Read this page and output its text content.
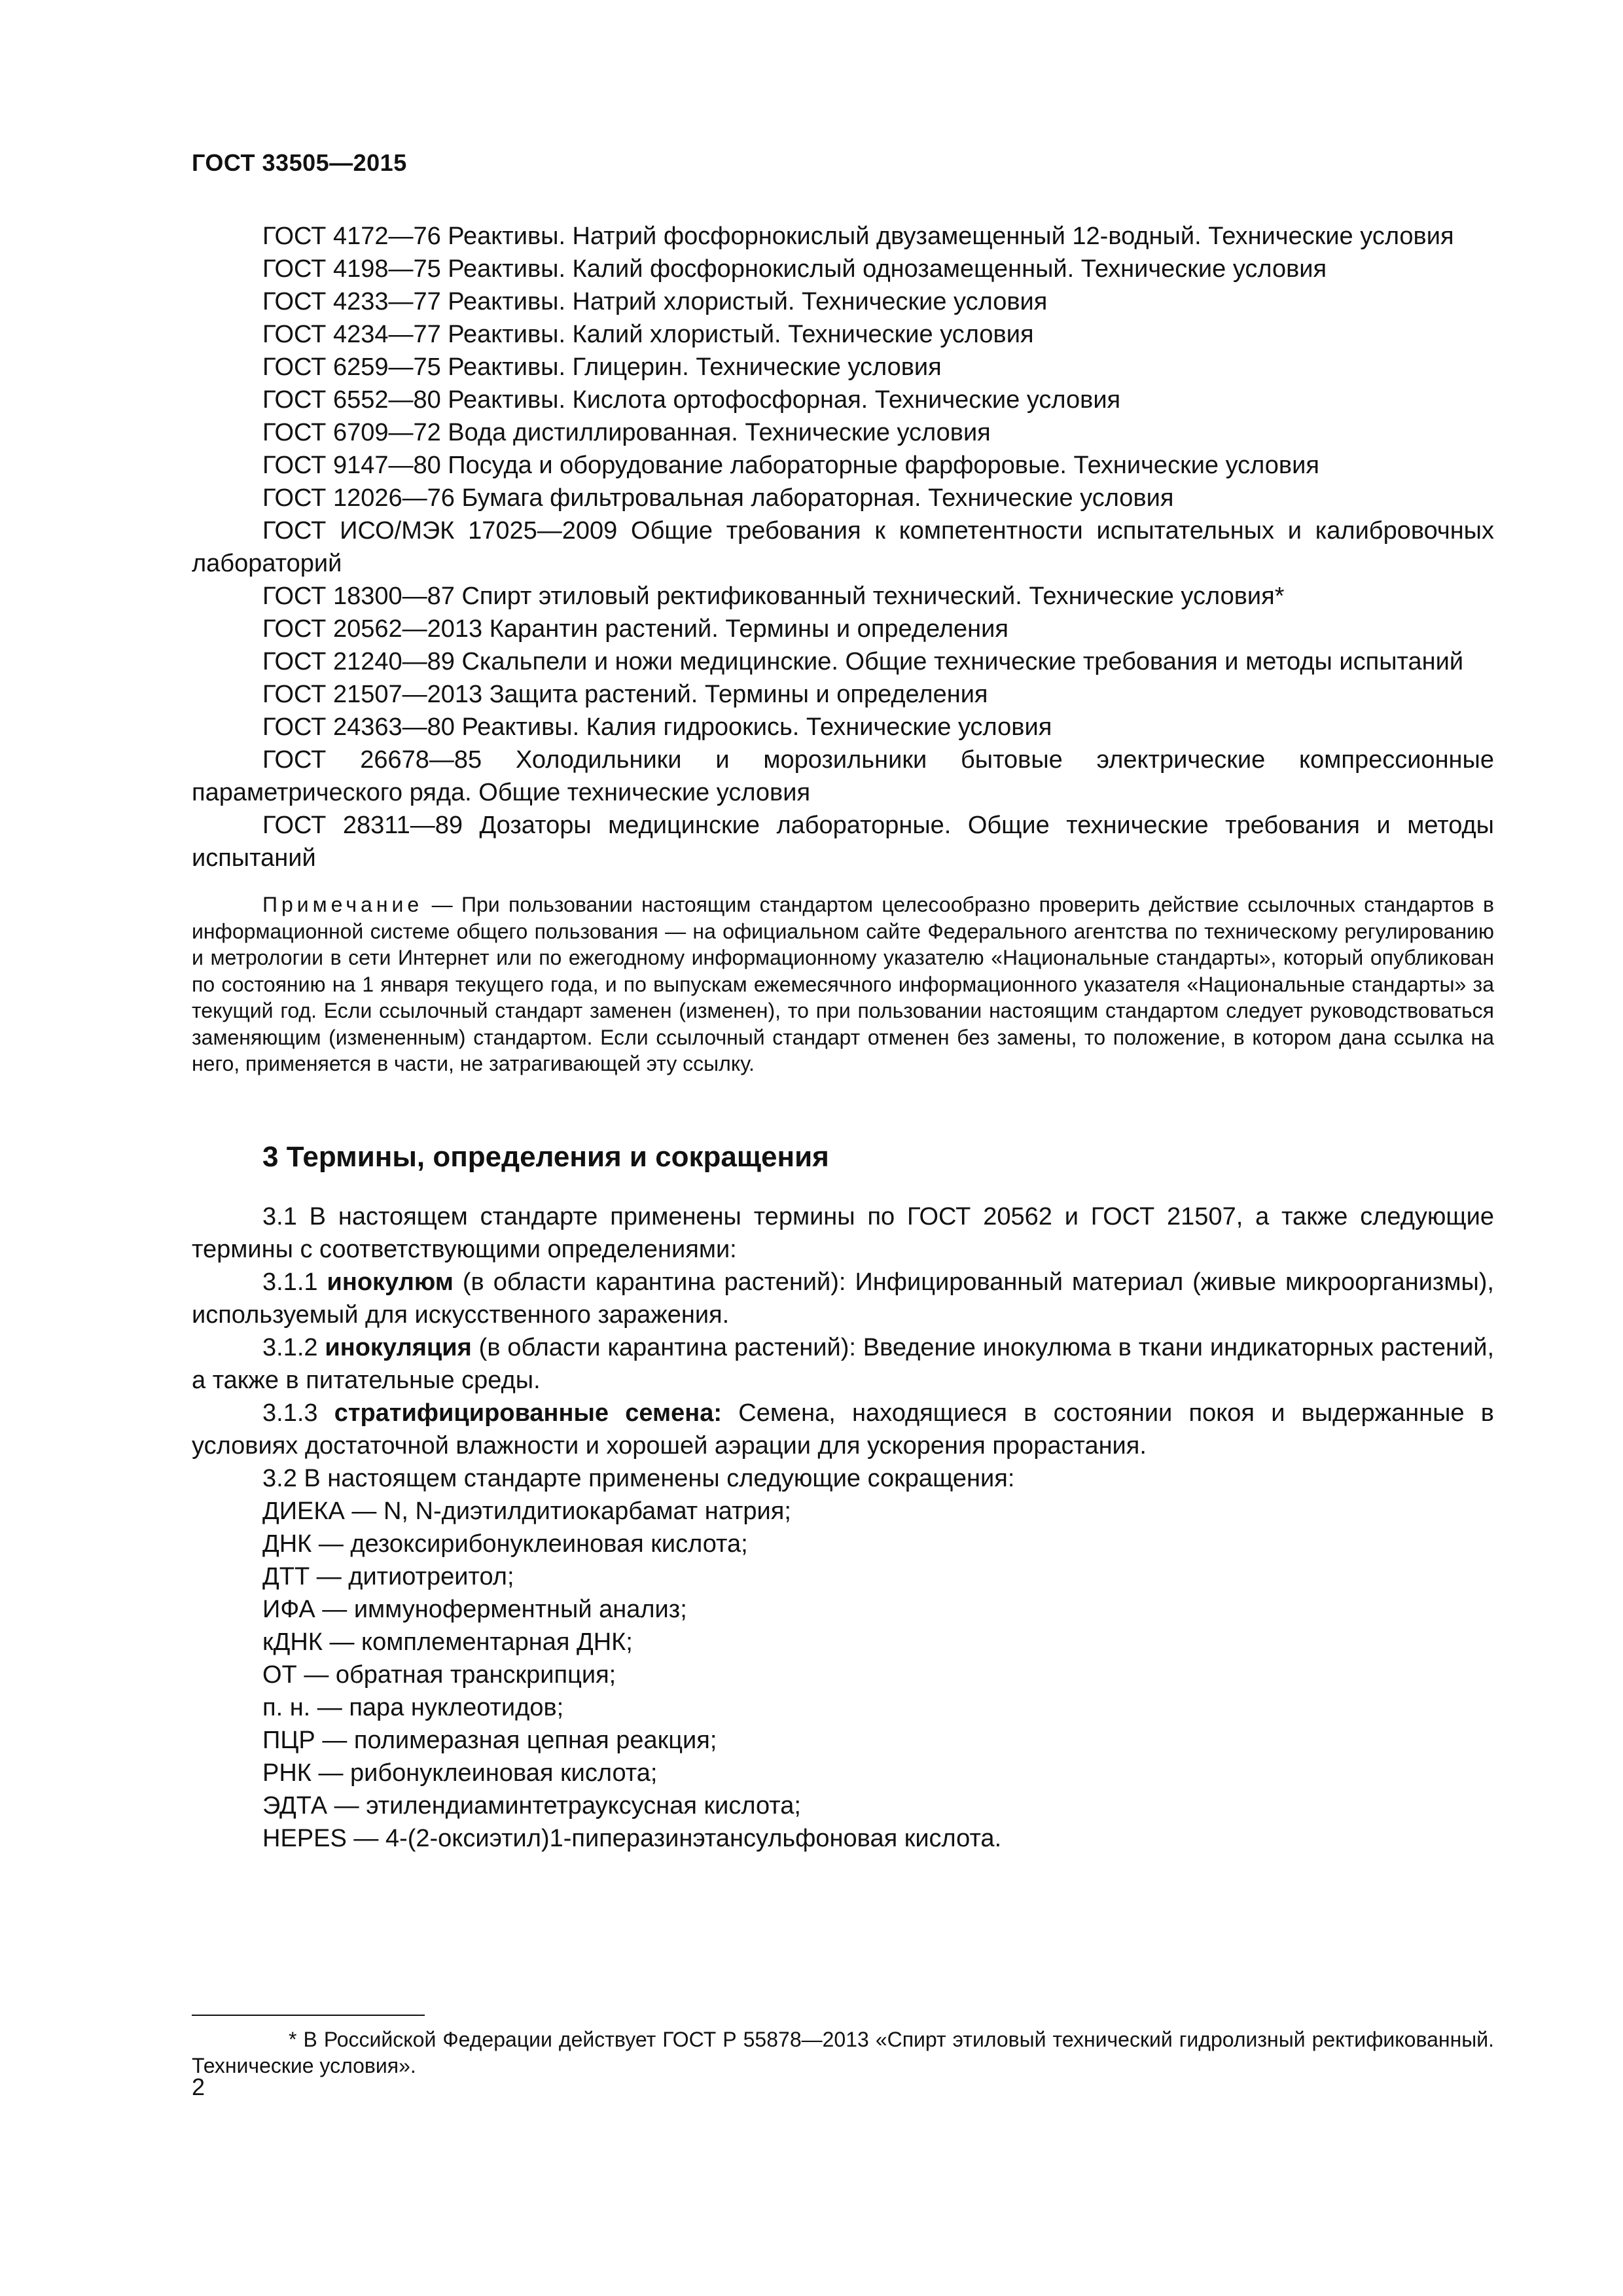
ГОСТ 33505—2015

ГОСТ 4172—76 Реактивы. Натрий фосфорнокислый двузамещенный 12-водный. Технические условия

ГОСТ 4198—75 Реактивы. Калий фосфорнокислый однозамещенный. Технические условия

ГОСТ 4233—77 Реактивы. Натрий хлористый. Технические условия

ГОСТ 4234—77 Реактивы. Калий хлористый. Технические условия

ГОСТ 6259—75 Реактивы. Глицерин. Технические условия

ГОСТ 6552—80 Реактивы. Кислота ортофосфорная. Технические условия

ГОСТ 6709—72 Вода дистиллированная. Технические условия

ГОСТ 9147—80 Посуда и оборудование лабораторные фарфоровые. Технические условия

ГОСТ 12026—76 Бумага фильтровальная лабораторная. Технические условия

ГОСТ ИСО/МЭК 17025—2009 Общие требования к компетентности испытательных и калибровочных лабораторий

ГОСТ 18300—87 Спирт этиловый ректификованный технический. Технические условия*

ГОСТ 20562—2013 Карантин растений. Термины и определения

ГОСТ 21240—89 Скальпели и ножи медицинские. Общие технические требования и методы испытаний

ГОСТ 21507—2013 Защита растений. Термины и определения

ГОСТ 24363—80 Реактивы. Калия гидроокись. Технические условия

ГОСТ 26678—85 Холодильники и морозильники бытовые электрические компрессионные параметрического ряда. Общие технические условия

ГОСТ 28311—89 Дозаторы медицинские лабораторные. Общие технические требования и методы испытаний

Примечание — При пользовании настоящим стандартом целесообразно проверить действие ссылочных стандартов в информационной системе общего пользования — на официальном сайте Федерального агентства по техническому регулированию и метрологии в сети Интернет или по ежегодному информационному указателю «Национальные стандарты», который опубликован по состоянию на 1 января текущего года, и по выпускам ежемесячного информационного указателя «Национальные стандарты» за текущий год. Если ссылочный стандарт заменен (изменен), то при пользовании настоящим стандартом следует руководствоваться заменяющим (измененным) стандартом. Если ссылочный стандарт отменен без замены, то положение, в котором дана ссылка на него, применяется в части, не затрагивающей эту ссылку.

3 Термины, определения и сокращения

3.1 В настоящем стандарте применены термины по ГОСТ 20562 и ГОСТ 21507, а также следующие термины с соответствующими определениями:

3.1.1 инокулюм (в области карантина растений): Инфицированный материал (живые микроорганизмы), используемый для искусственного заражения.

3.1.2 инокуляция (в области карантина растений): Введение инокулюма в ткани индикаторных растений, а также в питательные среды.

3.1.3 стратифицированные семена: Семена, находящиеся в состоянии покоя и выдержанные в условиях достаточной влажности и хорошей аэрации для ускорения прорастания.

3.2 В настоящем стандарте применены следующие сокращения:

ДИЕКА — N, N-диэтилдитиокарбамат натрия;

ДНК — дезоксирибонуклеиновая кислота;

ДТТ — дитиотреитол;

ИФА — иммуноферментный анализ;

кДНК — комплементарная ДНК;

ОТ — обратная транскрипция;

п. н. — пара нуклеотидов;

ПЦР — полимеразная цепная реакция;

РНК — рибонуклеиновая кислота;

ЭДТА — этилендиаминтетрауксусная кислота;

HEPES — 4-(2-оксиэтил)1-пиперазинэтансульфоновая кислота.

* В Российской Федерации действует ГОСТ Р 55878—2013 «Спирт этиловый технический гидролизный ректификованный. Технические условия».
2
